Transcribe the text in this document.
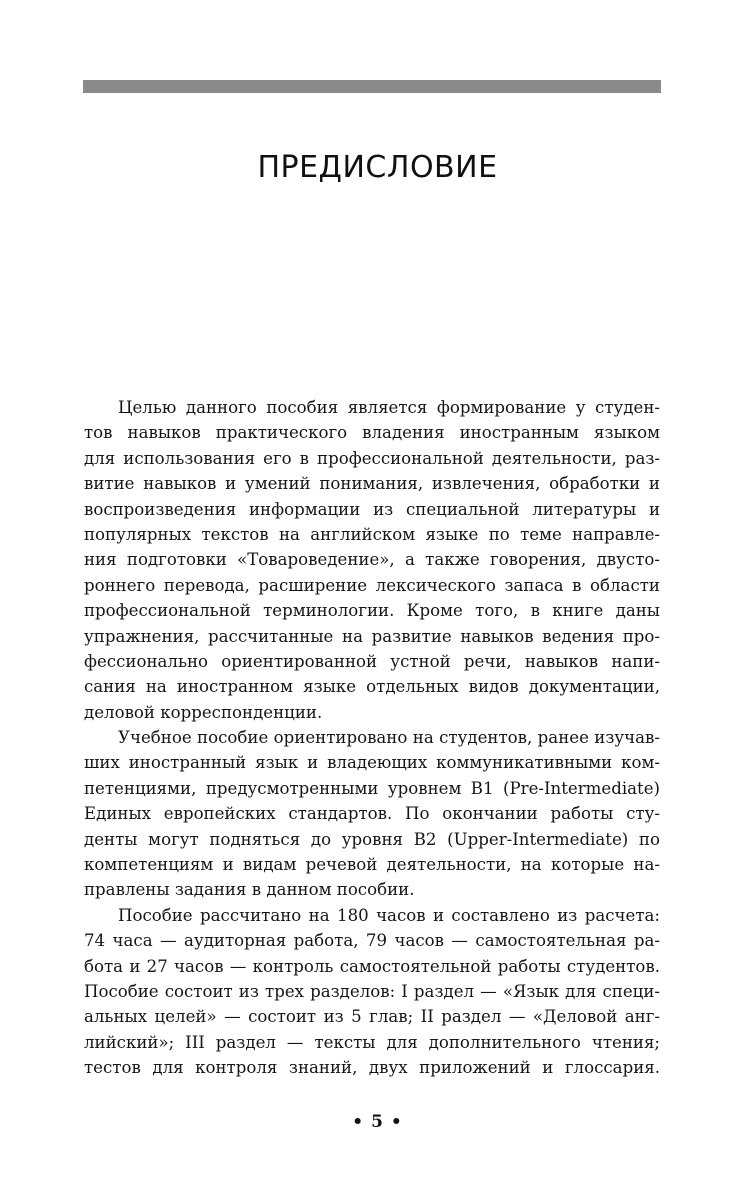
ПРЕДИСЛОВИЕ
Целью данного пособия является формирование у студен-
тов навыков практического владения иностранным языком
для использования его в профессиональной деятельности, раз-
витие навыков и умений понимания, извлечения, обработки и
воспроизведения информации из специальной литературы и
популярных текстов на английском языке по теме направле-
ния подготовки «Товароведение», а также говорения, двусто-
роннего перевода, расширение лексического запаса в области
профессиональной терминологии. Кроме того, в книге даны
упражнения, рассчитанные на развитие навыков ведения про-
фессионально ориентированной устной речи, навыков напи-
сания на иностранном языке отдельных видов документации,
деловой корреспонденции.
Учебное пособие ориентировано на студентов, ранее изучав-
ших иностранный язык и владеющих коммуникативными ком-
петенциями, предусмотренными уровнем B1 (Pre-Intermediate)
Единых европейских стандартов. По окончании работы сту-
денты могут подняться до уровня B2 (Upper-Intermediate) по
компетенциям и видам речевой деятельности, на которые на-
правлены задания в данном пособии.
Пособие рассчитано на 180 часов и составлено из расчета:
74 часа — аудиторная работа, 79 часов — самостоятельная ра-
бота и 27 часов — контроль самостоятельной работы студентов.
Пособие состоит из трех разделов: I раздел — «Язык для специ-
альных целей» — состоит из 5 глав; II раздел — «Деловой анг-
лийский»; III раздел — тексты для дополнительного чтения;
тестов для контроля знаний, двух приложений и глоссария.
• 5 •
